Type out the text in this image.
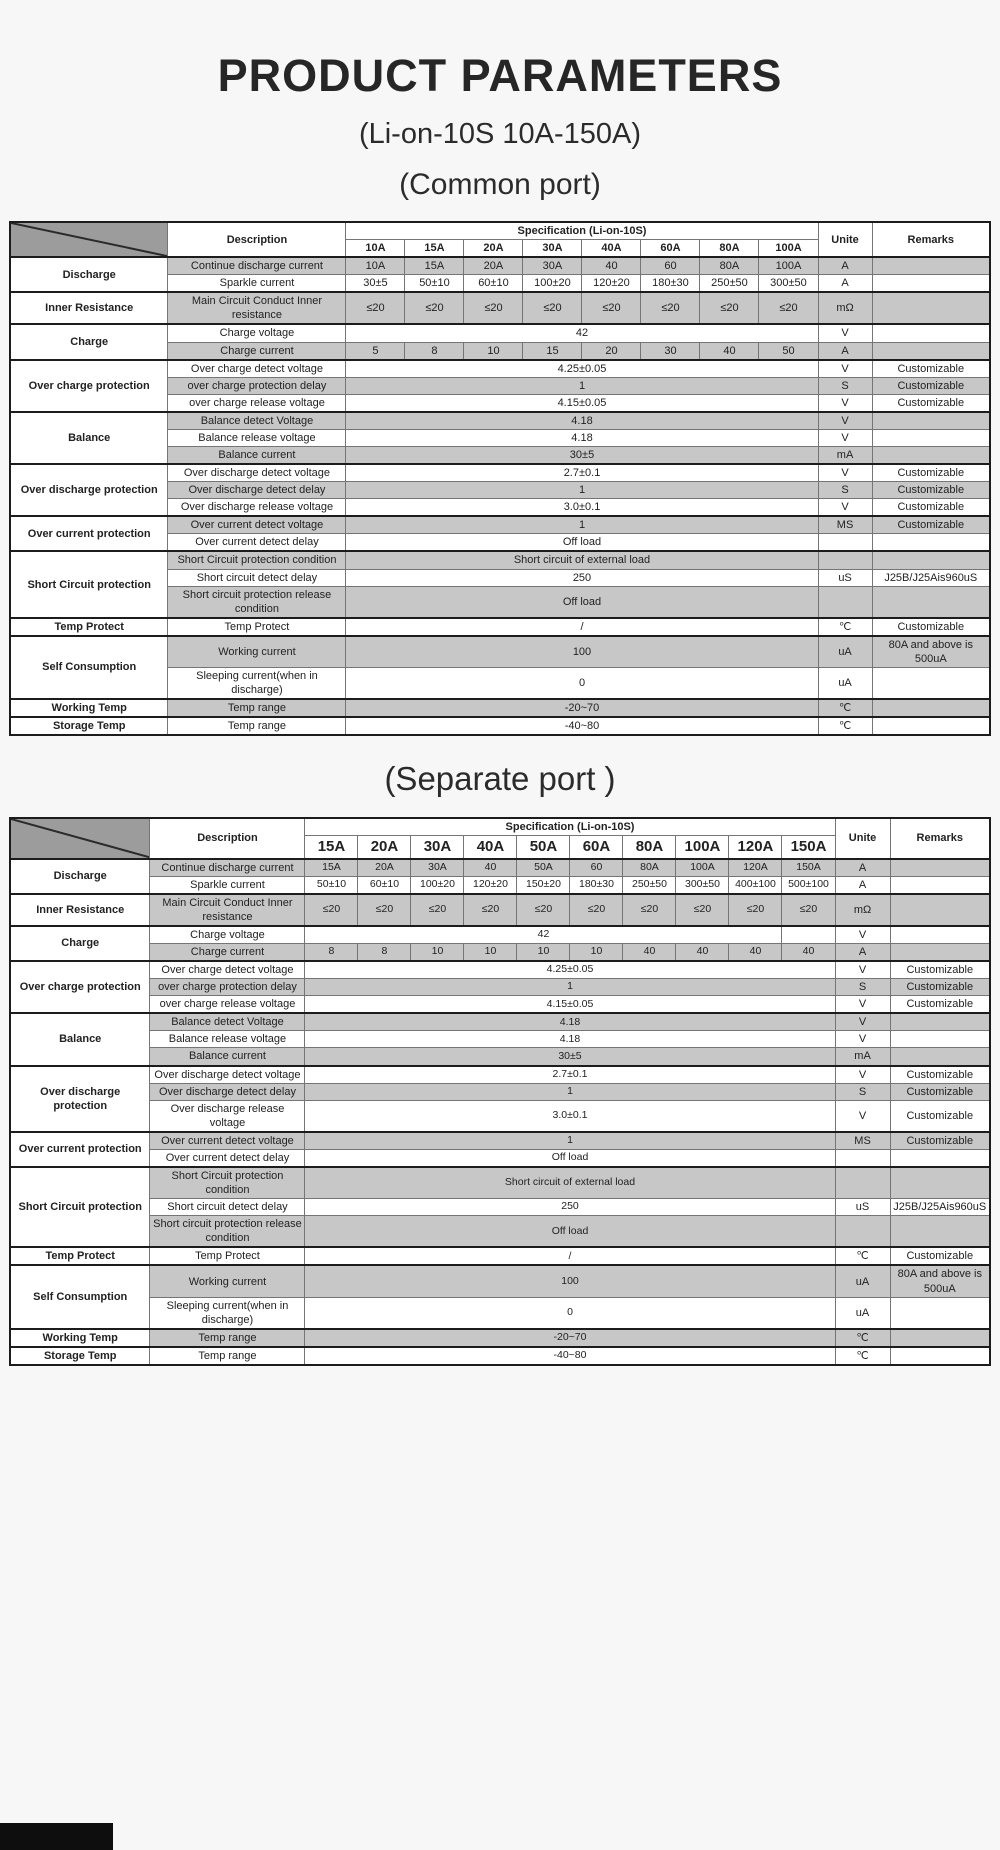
PRODUCT PARAMETERS
(Li-on-10S 10A-150A)
(Common port)
	Description	Specification (Li-on-10S)								Unite	Remarks
		10A	15A	20A	30A	40A	60A	80A	100A		
Discharge	Continue discharge current	10A	15A	20A	30A	40	60	80A	100A	A	
	Sparkle current	30±5	50±10	60±10	100±20	120±20	180±30	250±50	300±50	A	
Inner Resistance	Main Circuit Conduct Inner resistance	≤20	≤20	≤20	≤20	≤20	≤20	≤20	≤20	mΩ	
Charge	Charge voltage	42								V	
	Charge current	5	8	10	15	20	30	40	50	A	
Over charge protection	Over charge detect voltage	4.25±0.05								V	Customizable
	over charge protection delay	1								S	Customizable
	over charge release voltage	4.15±0.05								V	Customizable
Balance	Balance detect Voltage	4.18								V	
	Balance release voltage	4.18								V	
	Balance current	30±5								mA	
Over discharge protection	Over discharge detect voltage	2.7±0.1								V	Customizable
	Over discharge detect delay	1								S	Customizable
	Over discharge release voltage	3.0±0.1								V	Customizable
Over current protection	Over current detect voltage	1								MS	Customizable
	Over current detect delay	Off load									
Short Circuit protection	Short Circuit protection condition	Short circuit of external load									
	Short circuit detect delay	250								uS	J25B/J25Ais960uS
	Short circuit protection release condition	Off load									
Temp Protect	Temp Protect	/								℃	Customizable
Self Consumption	Working current	100								uA	80A and above is 500uA
	Sleeping current(when in discharge)	0								uA	
Working Temp	Temp range	-20~70								℃	
Storage Temp	Temp range	-40~80								℃	
(Separate port )
	Description	Specification (Li-on-10S)										Unite	Remarks
		15A	20A	30A	40A	50A	60A	80A	100A	120A	150A		
Discharge	Continue discharge current	15A	20A	30A	40	50A	60	80A	100A	120A	150A	A	
	Sparkle current	50±10	60±10	100±20	120±20	150±20	180±30	250±50	300±50	400±100	500±100	A	
Inner Resistance	Main Circuit Conduct Inner resistance	≤20	≤20	≤20	≤20	≤20	≤20	≤20	≤20	≤20	≤20	mΩ	
Charge	Charge voltage	42										V	
	Charge current	8	8	10	10	10	10	40	40	40	40	A	
Over charge protection	Over charge detect voltage	4.25±0.05										V	Customizable
	over charge protection delay	1										S	Customizable
	over charge release voltage	4.15±0.05										V	Customizable
Balance	Balance detect Voltage	4.18										V	
	Balance release voltage	4.18										V	
	Balance current	30±5										mA	
Over discharge protection	Over discharge detect voltage	2.7±0.1										V	Customizable
	Over discharge detect delay	1										S	Customizable
	Over discharge release voltage	3.0±0.1										V	Customizable
Over current protection	Over current detect voltage	1										MS	Customizable
	Over current detect delay	Off load											
Short Circuit protection	Short Circuit protection condition	Short circuit of external load											
	Short circuit detect delay	250										uS	J25B/J25Ais960uS
	Short circuit protection release condition	Off load											
Temp Protect	Temp Protect	/										℃	Customizable
Self Consumption	Working current	100										uA	80A and above is 500uA
	Sleeping current(when in discharge)	0										uA	
Working Temp	Temp range	-20~70										℃	
Storage Temp	Temp range	-40~80										℃	
